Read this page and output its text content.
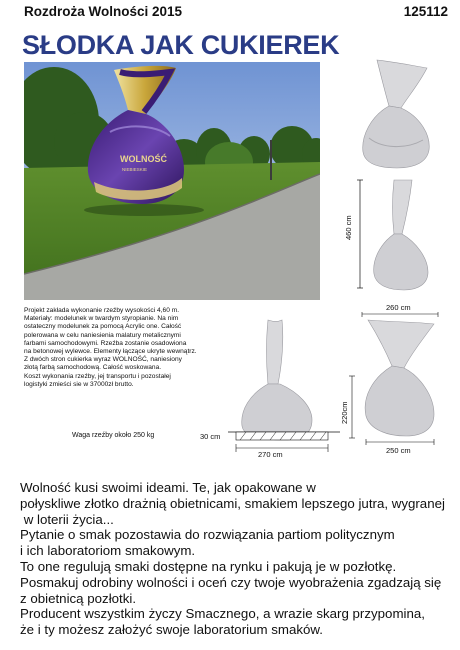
Rozdroża Wolności 2015	125112
SŁODKA JAK CUKIEREK
WOLNOŚĆ
NIEBIESKIE

Projekt zakłada wykonanie rzeźby wysokości 4,60 m.

Materiały: modelunek w twardym styropianie. Na nim

ostateczny modelunek za pomocą Acrylic one. Całość

polerowana w celu naniesienia malatury metalicznymi

farbami samochodowymi. Rzeźba zostanie osadowiona

na betonowej wylewce. Elementy łączące ukryte wewnątrz.

Z dwóch stron cukierka wyraz WOLNOŚĆ, naniesiony

złotą farbą samochodową. Całość woskowana.

Koszt wykonania rzeźby, jej transportu i pozostałej

logistyki zmieści sie w 37000zł brutto.

Waga rzeźby około 250 kg
460 cm
30 cm
270 cm
260 cm
220cm
250 cm

Wolność kusi swoimi ideami. Te, jak opakowane w

połyskliwe złotko drażnią obietnicami, smakiem lepszego jutra, wygranej

w loterii życia...

Pytanie o smak pozostawia do rozwiązania partiom politycznym

i ich laboratoriom smakowym.

To one regulują smaki dostępne na rynku i pakują je w pozłotkę.

Posmakuj odrobiny wolności i oceń czy twoje wyobrażenia zgadzają się

z obietnicą pozłotki.

Producent wszystkim życzy Smacznego, a wrazie skarg przypomina,

że i ty możesz założyć swoje laboratorium smaków.
